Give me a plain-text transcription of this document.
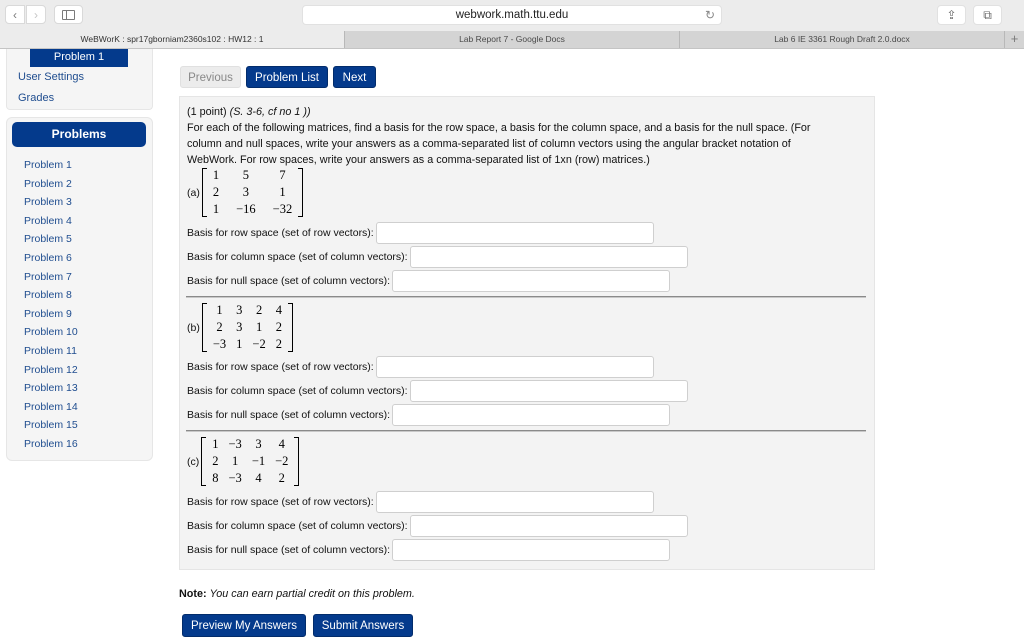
‹ ›	webwork.math.ttu.edu	↻	⇪ ⧉
WeBWorK : spr17gborniam2360s102 : HW12 : 1	Lab Report 7 - Google Docs	Lab 6 IE 3361 Rough Draft 2.0.docx	+
Problem 1
User Settings
Grades
Problems
Problem 1
Problem 2
Problem 3
Problem 4
Problem 5
Problem 6
Problem 7
Problem 8
Problem 9
Problem 10
Problem 11
Problem 12
Problem 13
Problem 14
Problem 15
Problem 16
Previous	Problem List	Next
(1 point) (S. 3-6, cf no 1 ))
For each of the following matrices, find a basis for the row space, a basis for the column space, and a basis for the null space. (For
column and null spaces, write your answers as a comma-separated list of column vectors using the angular bracket notation of
WebWork. For row spaces, write your answers as a comma-separated list of 1xn (row) matrices.)
(a)
1	5	7
2	3	1
1	−16	−32
Basis for row space (set of row vectors):
Basis for column space (set of column vectors):
Basis for null space (set of column vectors):
(b)
1	3	2	4
2	3	1	2
−3	1	−2	2
Basis for row space (set of row vectors):
Basis for column space (set of column vectors):
Basis for null space (set of column vectors):
(c)
1	−3	3	4
2	1	−1	−2
8	−3	4	2
Basis for row space (set of row vectors):
Basis for column space (set of column vectors):
Basis for null space (set of column vectors):
Note: You can earn partial credit on this problem.
Preview My Answers	Submit Answers
